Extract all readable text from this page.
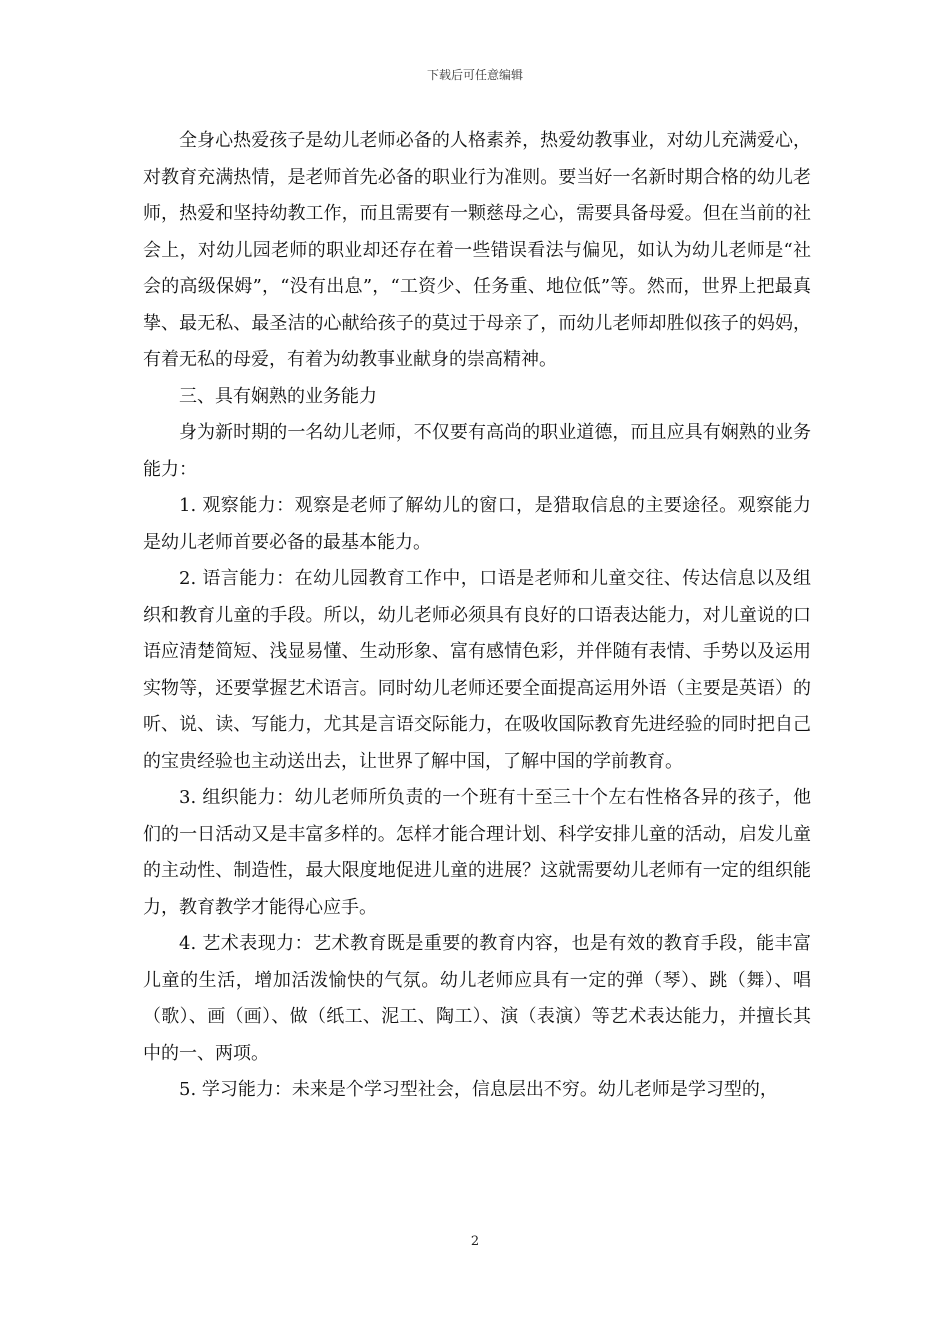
下载后可任意编辑

全身心热爱孩子是幼儿老师必备的人格素养，热爱幼教事业，对幼儿充满爱心，对教育充满热情，是老师首先必备的职业行为准则。要当好一名新时期合格的幼儿老师，热爱和坚持幼教工作，而且需要有一颗慈母之心，需要具备母爱。但在当前的社会上，对幼儿园老师的职业却还存在着一些错误看法与偏见，如认为幼儿老师是“社会的高级保姆”，“没有出息”，“工资少、任务重、地位低”等。然而，世界上把最真挚、最无私、最圣洁的心献给孩子的莫过于母亲了，而幼儿老师却胜似孩子的妈妈，有着无私的母爱，有着为幼教事业献身的崇高精神。

三、具有娴熟的业务能力

身为新时期的一名幼儿老师，不仅要有高尚的职业道德，而且应具有娴熟的业务能力：

1. 观察能力：观察是老师了解幼儿的窗口，是猎取信息的主要途径。观察能力是幼儿老师首要必备的最基本能力。

2. 语言能力：在幼儿园教育工作中，口语是老师和儿童交往、传达信息以及组织和教育儿童的手段。所以，幼儿老师必须具有良好的口语表达能力，对儿童说的口语应清楚简短、浅显易懂、生动形象、富有感情色彩，并伴随有表情、手势以及运用实物等，还要掌握艺术语言。同时幼儿老师还要全面提高运用外语（主要是英语）的听、说、读、写能力，尤其是言语交际能力，在吸收国际教育先进经验的同时把自己的宝贵经验也主动送出去，让世界了解中国，了解中国的学前教育。

3. 组织能力：幼儿老师所负责的一个班有十至三十个左右性格各异的孩子，他们的一日活动又是丰富多样的。怎样才能合理计划、科学安排儿童的活动，启发儿童的主动性、制造性，最大限度地促进儿童的进展？这就需要幼儿老师有一定的组织能力，教育教学才能得心应手。

4. 艺术表现力：艺术教育既是重要的教育内容，也是有效的教育手段，能丰富儿童的生活，增加活泼愉快的气氛。幼儿老师应具有一定的弹（琴）、跳（舞）、唱（歌）、画（画）、做（纸工、泥工、陶工）、演（表演）等艺术表达能力，并擅长其中的一、两项。

5. 学习能力：未来是个学习型社会，信息层出不穷。幼儿老师是学习型的，

2
